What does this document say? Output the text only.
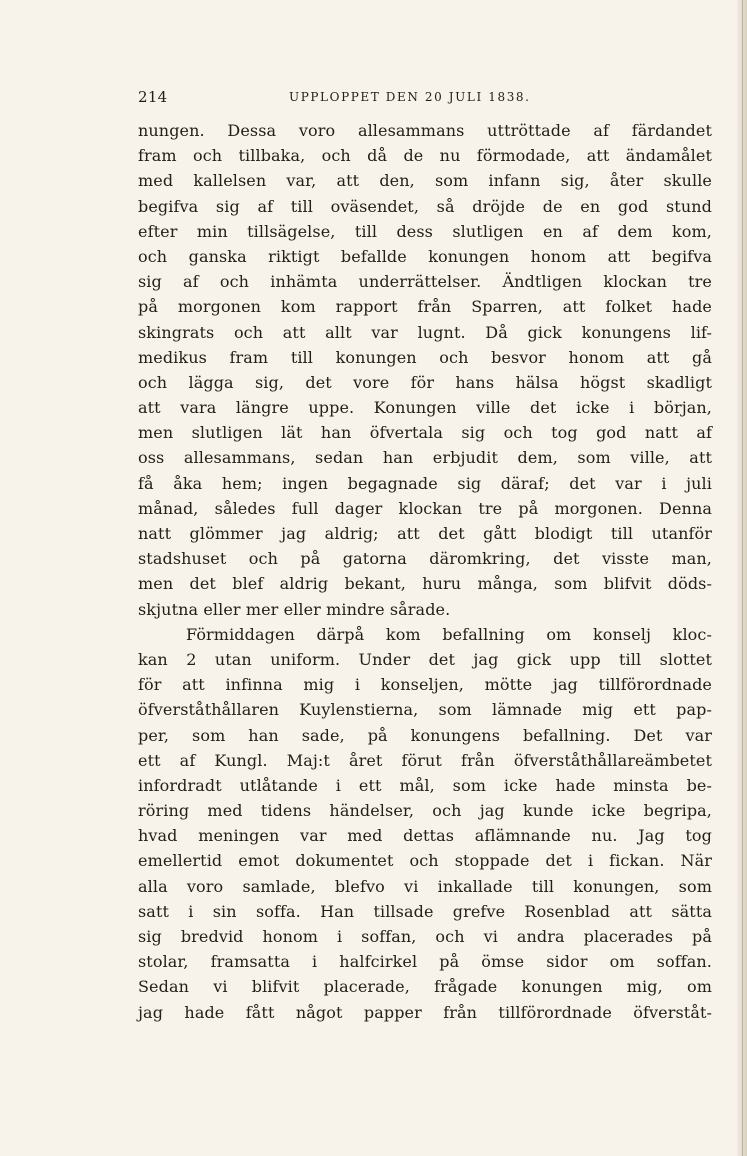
214	UPPLOPPET DEN 20 JULI 1838.
nungen. Dessa voro allesammans uttröttade af färdandet
fram och tillbaka, och då de nu förmodade, att ändamålet
med kallelsen var, att den, som infann sig, åter skulle
begifva sig af till oväsendet, så dröjde de en god stund
efter min tillsägelse, till dess slutligen en af dem kom,
och ganska riktigt befallde konungen honom att begifva
sig af och inhämta underrättelser. Ändtligen klockan tre
på morgonen kom rapport från Sparren, att folket hade
skingrats och att allt var lugnt. Då gick konungens lif-
medikus fram till konungen och besvor honom att gå
och lägga sig, det vore för hans hälsa högst skadligt
att vara längre uppe. Konungen ville det icke i början,
men slutligen lät han öfvertala sig och tog god natt af
oss allesammans, sedan han erbjudit dem, som ville, att
få åka hem; ingen begagnade sig däraf; det var i juli
månad, således full dager klockan tre på morgonen. Denna
natt glömmer jag aldrig; att det gått blodigt till utanför
stadshuset och på gatorna däromkring, det visste man,
men det blef aldrig bekant, huru många, som blifvit döds-
skjutna eller mer eller mindre sårade.
Förmiddagen därpå kom befallning om konselj kloc-
kan 2 utan uniform. Under det jag gick upp till slottet
för att infinna mig i konseljen, mötte jag tillförordnade
öfverståthållaren Kuylenstierna, som lämnade mig ett pap-
per, som han sade, på konungens befallning. Det var
ett af Kungl. Maj:t året förut från öfverståthållareämbetet
infordradt utlåtande i ett mål, som icke hade minsta be-
röring med tidens händelser, och jag kunde icke begripa,
hvad meningen var med dettas aflämnande nu. Jag tog
emellertid emot dokumentet och stoppade det i fickan. När
alla voro samlade, blefvo vi inkallade till konungen, som
satt i sin soffa. Han tillsade grefve Rosenblad att sätta
sig bredvid honom i soffan, och vi andra placerades på
stolar, framsatta i halfcirkel på ömse sidor om soffan.
Sedan vi blifvit placerade, frågade konungen mig, om
jag hade fått något papper från tillförordnade öfverståt-
